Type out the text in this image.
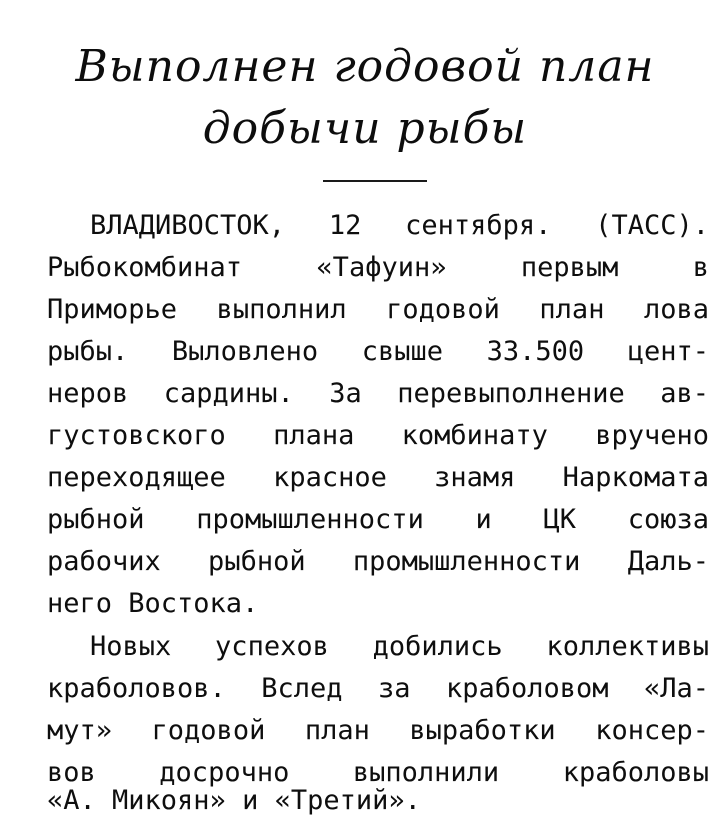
Выполнен годовой план
добычи рыбы
ВЛАДИВОСТОК, 12 сентября. (ТАСС).
Рыбокомбинат «Тафуин» первым в
Приморье выполнил годовой план лова
рыбы. Выловлено свыше 33.500 цент-
неров сардины. За перевыполнение ав-
густовского плана комбинату вручено
переходящее красное знамя Наркомата
рыбной промышленности и ЦК союза
рабочих рыбной промышленности Даль-
него Востока.
Новых успехов добились коллективы
краболовов. Вслед за краболовом «Ла-
мут» годовой план выработки консер-
вов досрочно выполнили краболовы
«А. Микоян» и «Третий».
